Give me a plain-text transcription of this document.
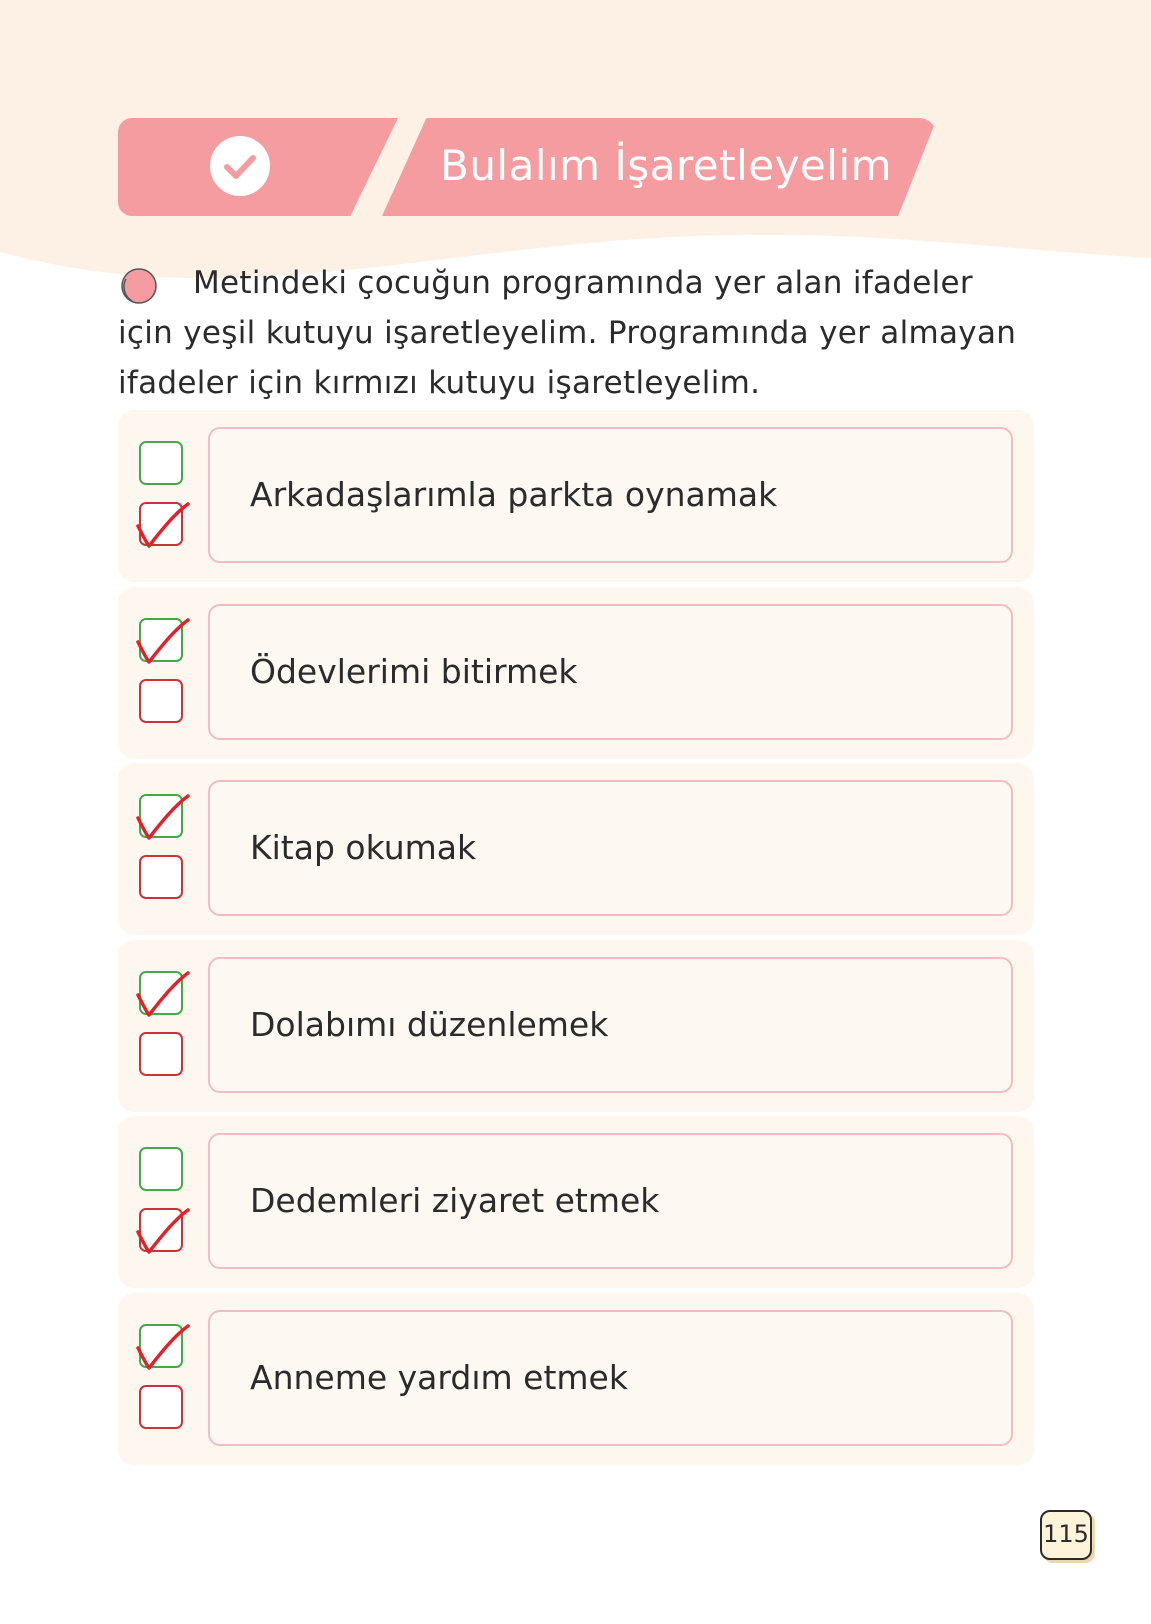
Bulalım İşaretleyelim
Metindeki çocuğun programında yer alan ifadeler için yeşil kutuyu işaretleyelim. Programında yer almayan ifadeler için kırmızı kutuyu işaretleyelim.
Arkadaşlarımla parkta oynamak
Ödevlerimi bitirmek
Kitap okumak
Dolabımı düzenlemek
Dedemleri ziyaret etmek
Anneme yardım etmek
115
